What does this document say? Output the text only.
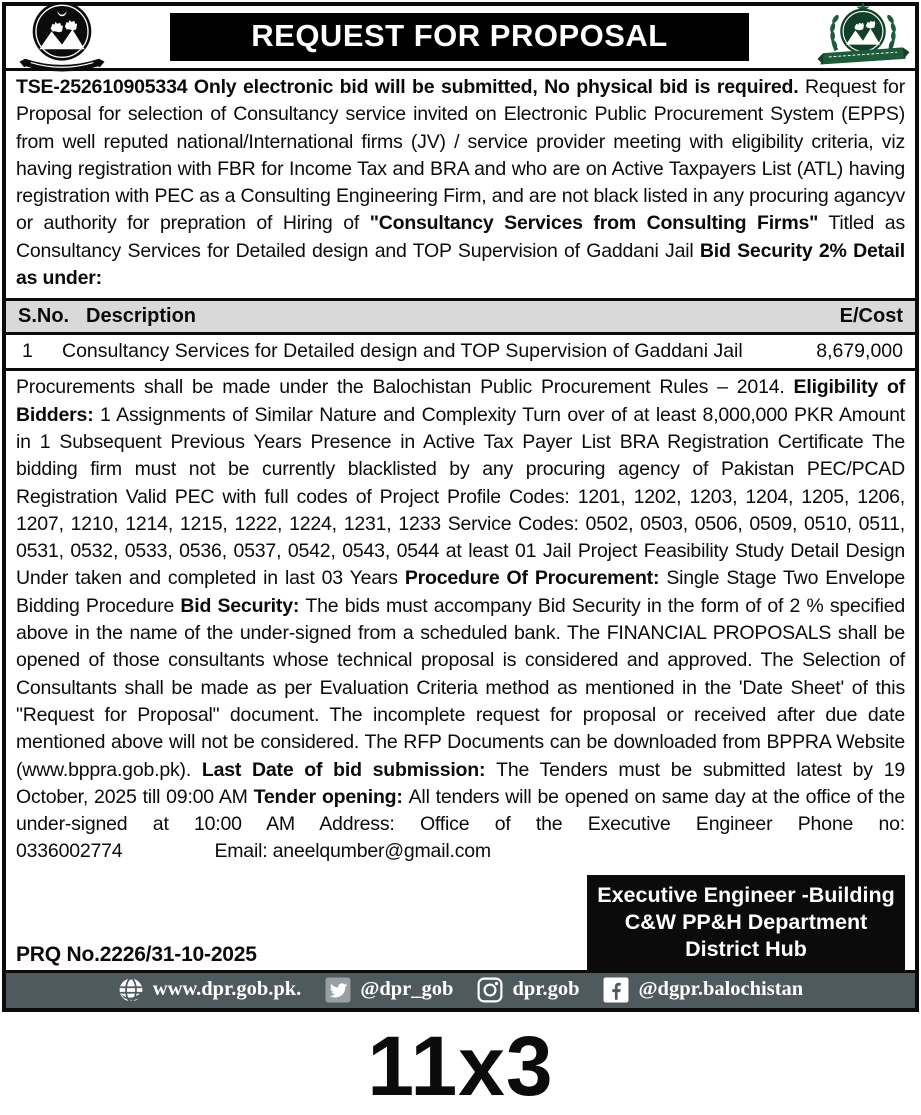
REQUEST FOR PROPOSAL
TSE-252610905334 Only electronic bid will be submitted, No physical bid is required. Request for Proposal for selection of Consultancy service invited on Electronic Public Procurement System (EPPS) from well reputed national/International firms (JV) / service provider meeting with eligibility criteria, viz having registration with FBR for Income Tax and BRA and who are on Active Taxpayers List (ATL) having registration with PEC as a Consulting Engineering Firm, and are not black listed in any procuring agancyv or authority for prepration of Hiring of "Consultancy Services from Consulting Firms" Titled as Consultancy Services for Detailed design and TOP Supervision of Gaddani Jail Bid Security 2% Detail as under:
S.No. Description	E/Cost
1	Consultancy Services for Detailed design and TOP Supervision of Gaddani Jail	8,679,000
Procurements shall be made under the Balochistan Public Procurement Rules – 2014. Eligibility of Bidders: 1 Assignments of Similar Nature and Complexity Turn over of at least 8,000,000 PKR Amount in 1 Subsequent Previous Years Presence in Active Tax Payer List BRA Registration Certificate The bidding firm must not be currently blacklisted by any procuring agency of Pakistan PEC/PCAD Registration Valid PEC with full codes of Project Profile Codes: 1201, 1202, 1203, 1204, 1205, 1206, 1207, 1210, 1214, 1215, 1222, 1224, 1231, 1233 Service Codes: 0502, 0503, 0506, 0509, 0510, 0511, 0531, 0532, 0533, 0536, 0537, 0542, 0543, 0544 at least 01 Jail Project Feasibility Study Detail Design Under taken and completed in last 03 Years Procedure Of Procurement: Single Stage Two Envelope Bidding Procedure Bid Security: The bids must accompany Bid Security in the form of of 2 % specified above in the name of the under-signed from a scheduled bank. The FINANCIAL PROPOSALS shall be opened of those consultants whose technical proposal is considered and approved. The Selection of Consultants shall be made as per Evaluation Criteria method as mentioned in the 'Date Sheet' of this "Request for Proposal" document. The incomplete request for proposal or received after due date mentioned above will not be considered. The RFP Documents can be downloaded from BPPRA Website (www.bppra.gob.pk). Last Date of bid submission: The Tenders must be submitted latest by 19 October, 2025 till 09:00 AM Tender opening: All tenders will be opened on same day at the office of the under-signed at 10:00 AM Address: Office of the Executive Engineer Phone no: 0336002774	Email: aneelqumber@gmail.com
PRQ No.2226/31-10-2025
Executive Engineer -Building C&W PP&H Department District Hub
www.dpr.gob.pk.	@dpr_gob	dpr.gob	@dgpr.balochistan
11x3
